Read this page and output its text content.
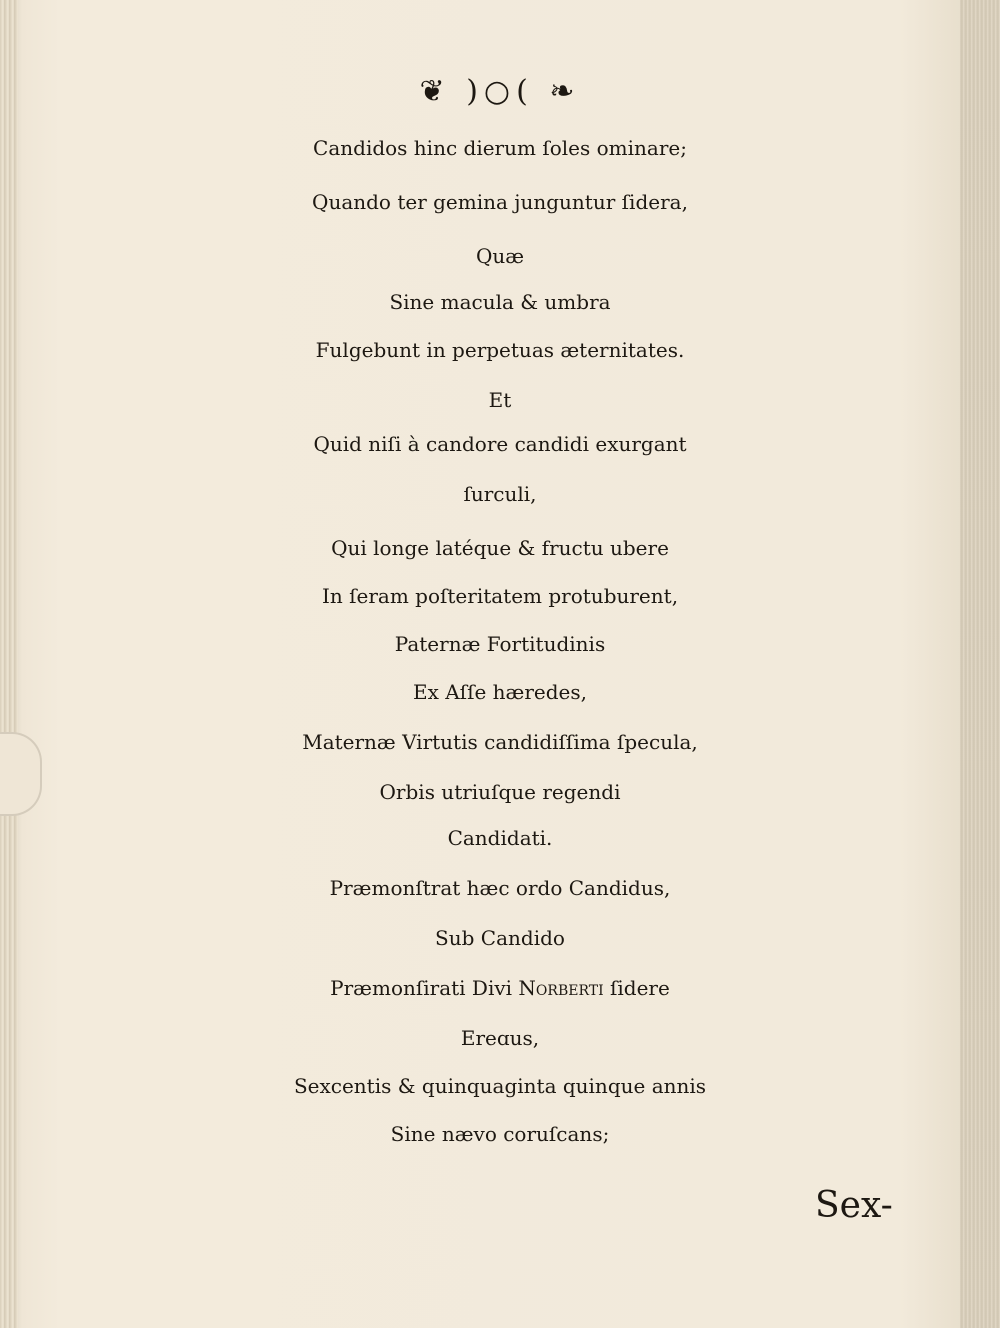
❦ )○( ❧
Candidos hinc dierum ſoles ominare;
Quando ter gemina junguntur ſidera,
Quæ
Sine macula & umbra
Fulgebunt in perpetuas æternitates.
Et
Quid niſi à candore candidi exurgant
ſurculi,
Qui longe latéque & fructu ubere
In ſeram poſteritatem protuburent,
Paternæ Fortitudinis
Ex Aſſe hæredes,
Maternæ Virtutis candidiſſima ſpecula,
Orbis utriuſque regendi
Candidati.
Præmonſtrat hæc ordo Candidus,
Sub Candido
Præmonſirati Divi Norberti ſidere
Ereɑus,
Sexcentis & quinquaginta quinque annis
Sine nævo coruſcans;
Sex-
